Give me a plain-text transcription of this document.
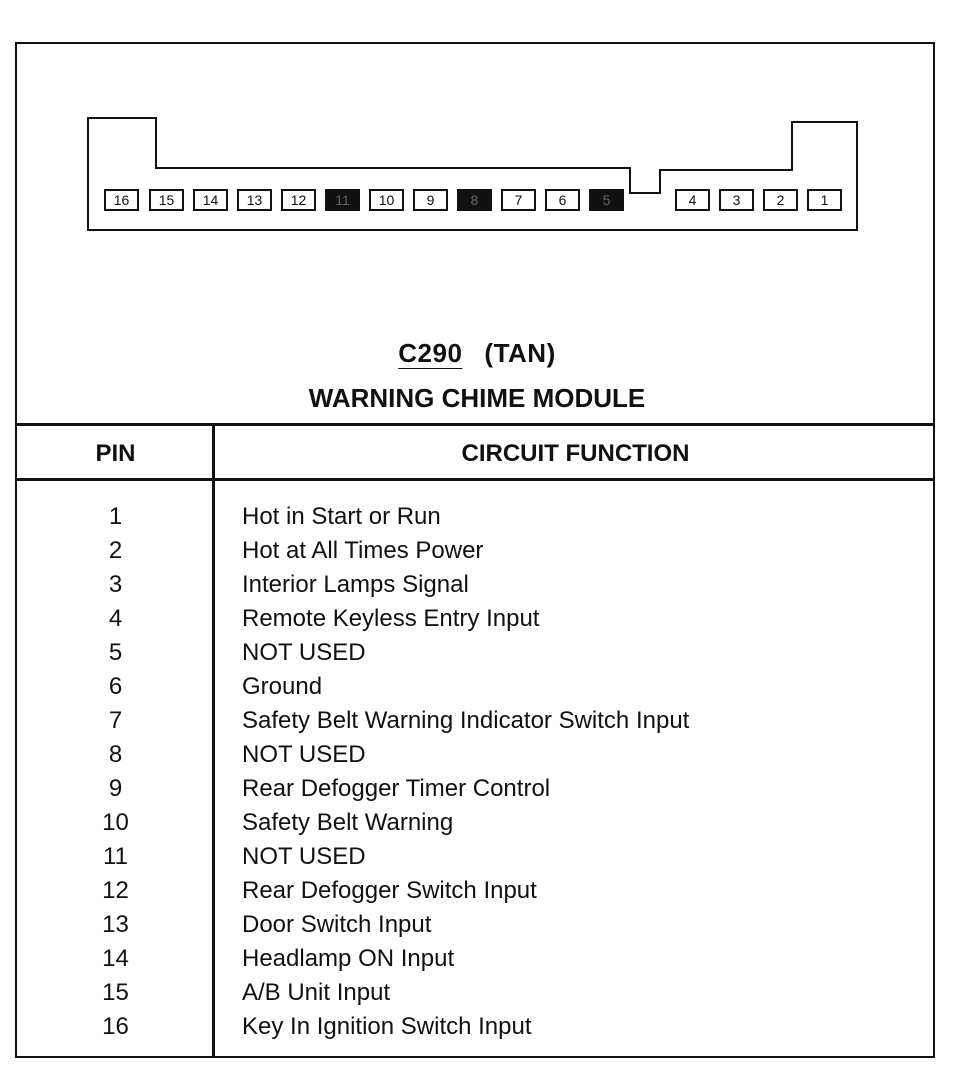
16 15 14 13 12 11 10 9	8	7	6	5	4	3	2	1
C290 (TAN)
WARNING CHIME MODULE
PIN	CIRCUIT FUNCTION
1	Hot in Start or Run
2	Hot at All Times Power
3	Interior Lamps Signal
4	Remote Keyless Entry Input
5	NOT USED
6	Ground
7	Safety Belt Warning Indicator Switch Input
8	NOT USED
9	Rear Defogger Timer Control
10	Safety Belt Warning
11	NOT USED
12	Rear Defogger Switch Input
13	Door Switch Input
14	Headlamp ON Input
15	A/B Unit Input
16	Key In Ignition Switch Input
